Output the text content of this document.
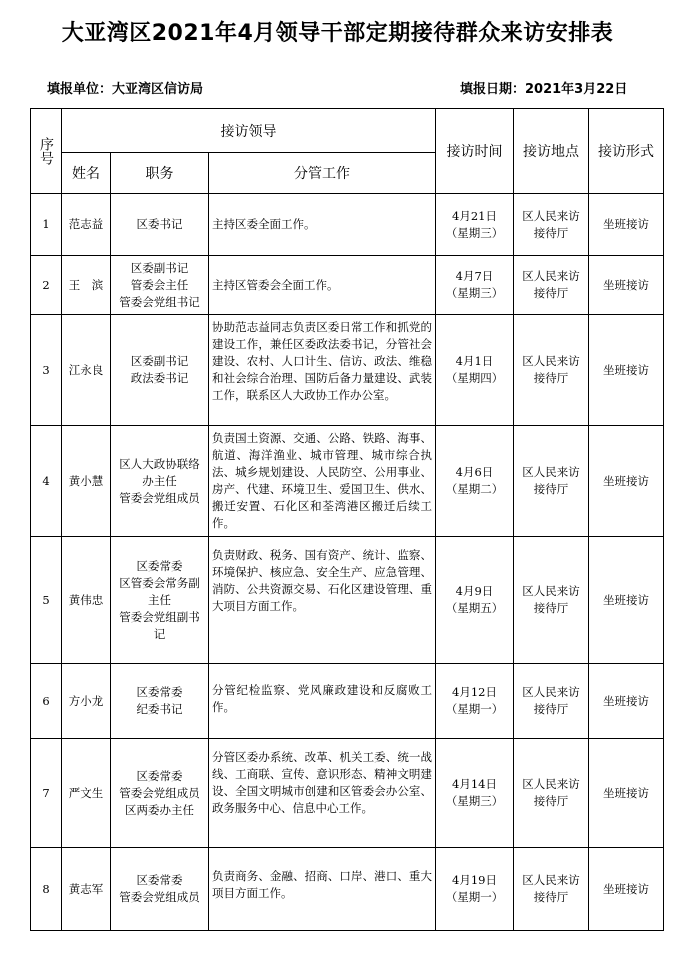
大亚湾区2021年4月领导干部定期接待群众来访安排表
填报单位：大亚湾区信访局	填报日期：2021年3月22日
序号	接访领导			接访时间	接访地点	接访形式
	姓名	职务	分管工作			
1	范志益	区委书记	主持区委全面工作。	4月21日
（星期三）	区人民来访
接待厅	坐班接访
2	王　滨	区委副书记
管委会主任
管委会党组书记	主持区管委会全面工作。	4月7日
（星期三）	区人民来访
接待厅	坐班接访
3	江永良	区委副书记
政法委书记	协助范志益同志负责区委日常工作和抓党的建设工作，兼任区委政法委书记，分管社会建设、农村、人口计生、信访、政法、维稳和社会综合治理、国防后备力量建设、武装工作，联系区人大政协工作办公室。	4月1日
（星期四）	区人民来访
接待厅	坐班接访
4	黄小慧	区人大政协联络
办主任
管委会党组成员	负责国土资源、交通、公路、铁路、海事、航道、海洋渔业、城市管理、城市综合执法、城乡规划建设、人民防空、公用事业、房产、代建、环境卫生、爱国卫生、供水、搬迁安置、石化区和荃湾港区搬迁后续工作。	4月6日
（星期二）	区人民来访
接待厅	坐班接访
5	黄伟忠	区委常委
区管委会常务副
主任
管委会党组副书
记	负责财政、税务、国有资产、统计、监察、环境保护、核应急、安全生产、应急管理、消防、公共资源交易、石化区建设管理、重大项目方面工作。	4月9日
（星期五）	区人民来访
接待厅	坐班接访
6	方小龙	区委常委
纪委书记	分管纪检监察、党风廉政建设和反腐败工作。	4月12日
（星期一）	区人民来访
接待厅	坐班接访
7	严文生	区委常委
管委会党组成员
区两委办主任	分管区委办系统、改革、机关工委、统一战线、工商联、宣传、意识形态、精神文明建设、全国文明城市创建和区管委会办公室、政务服务中心、信息中心工作。	4月14日
（星期三）	区人民来访
接待厅	坐班接访
8	黄志军	区委常委
管委会党组成员	负责商务、金融、招商、口岸、港口、重大项目方面工作。	4月19日
（星期一）	区人民来访
接待厅	坐班接访
